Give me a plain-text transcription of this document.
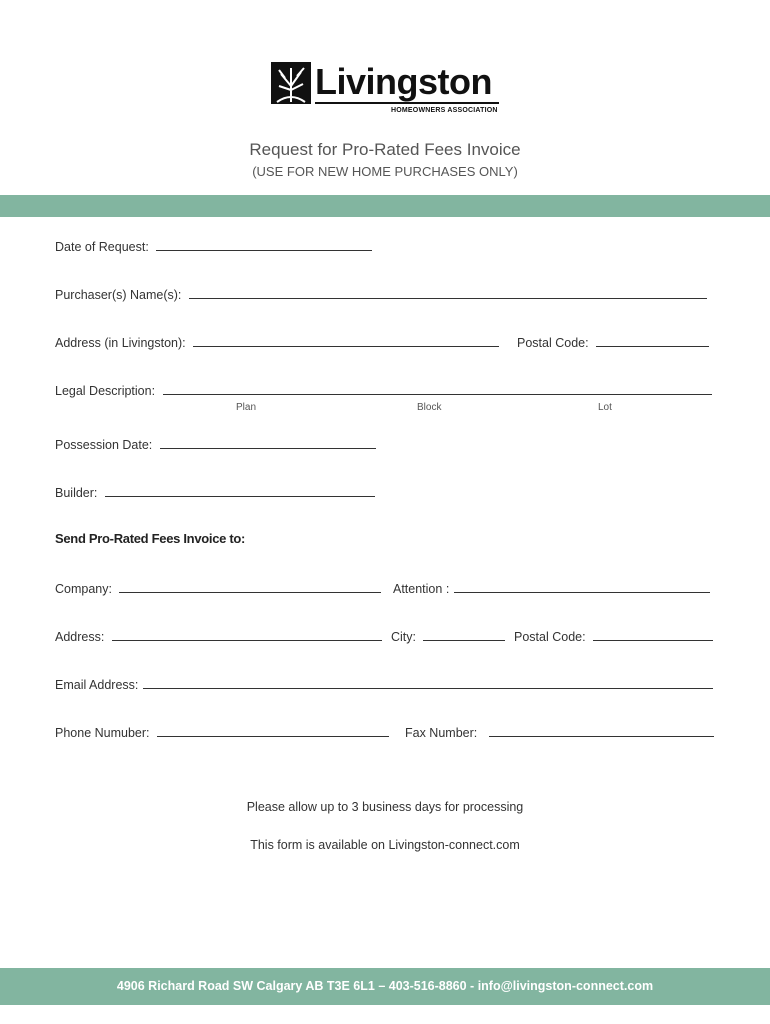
Livingston
HOMEOWNERS ASSOCIATION
Request for Pro-Rated Fees Invoice
(USE FOR NEW HOME PURCHASES ONLY)
Date of Request:
Purchaser(s) Name(s):
Address (in Livingston):	Postal Code:
Legal Description:
Plan	Block	Lot
Possession Date:
Builder:
Send Pro-Rated Fees Invoice to:
Company:	Attention :
Address:	City:	Postal Code:
Email Address:
Phone Numuber:	Fax Number:
Please allow up to 3 business days for processing
This form is available on Livingston-connect.com
4906 Richard Road SW Calgary AB T3E 6L1 – 403-516-8860 - info@livingston-connect.com
